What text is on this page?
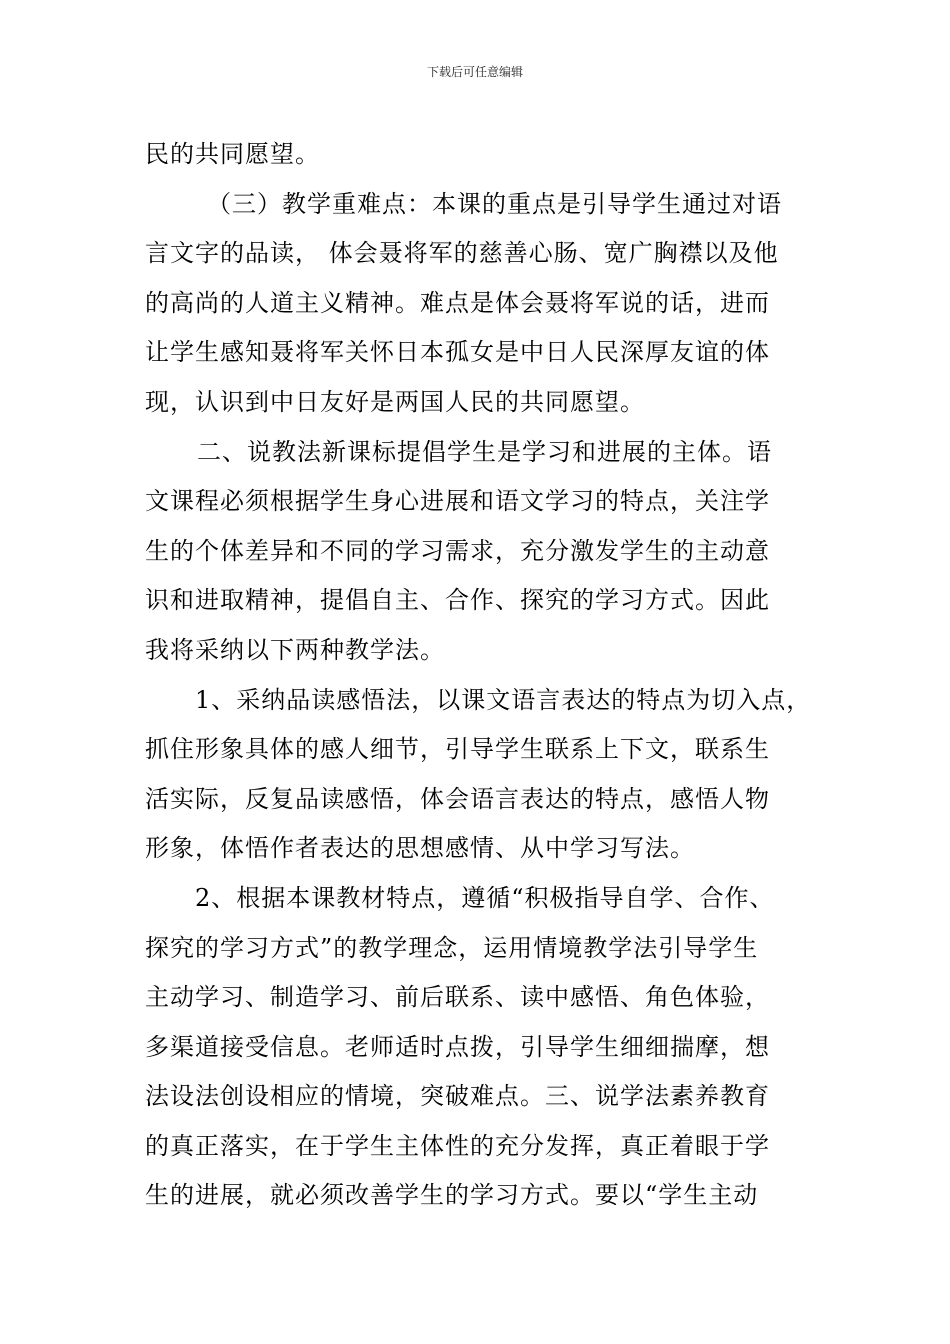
下载后可任意编辑
民的共同愿望。
（三）教学重难点：本课的重点是引导学生通过对语
言文字的品读， 体会聂将军的慈善心肠、宽广胸襟以及他
的高尚的人道主义精神。难点是体会聂将军说的话，进而
让学生感知聂将军关怀日本孤女是中日人民深厚友谊的体
现，认识到中日友好是两国人民的共同愿望。
二、说教法新课标提倡学生是学习和进展的主体。语
文课程必须根据学生身心进展和语文学习的特点，关注学
生的个体差异和不同的学习需求，充分激发学生的主动意
识和进取精神，提倡自主、合作、探究的学习方式。因此
我将采纳以下两种教学法。
1、采纳品读感悟法，以课文语言表达的特点为切入点，
抓住形象具体的感人细节，引导学生联系上下文，联系生
活实际，反复品读感悟，体会语言表达的特点，感悟人物
形象，体悟作者表达的思想感情、从中学习写法。
2、根据本课教材特点，遵循“积极指导自学、合作、
探究的学习方式”的教学理念，运用情境教学法引导学生
主动学习、制造学习、前后联系、读中感悟、角色体验，
多渠道接受信息。老师适时点拨，引导学生细细揣摩，想
法设法创设相应的情境，突破难点。三、说学法素养教育
的真正落实，在于学生主体性的充分发挥，真正着眼于学
生的进展，就必须改善学生的学习方式。要以“学生主动
